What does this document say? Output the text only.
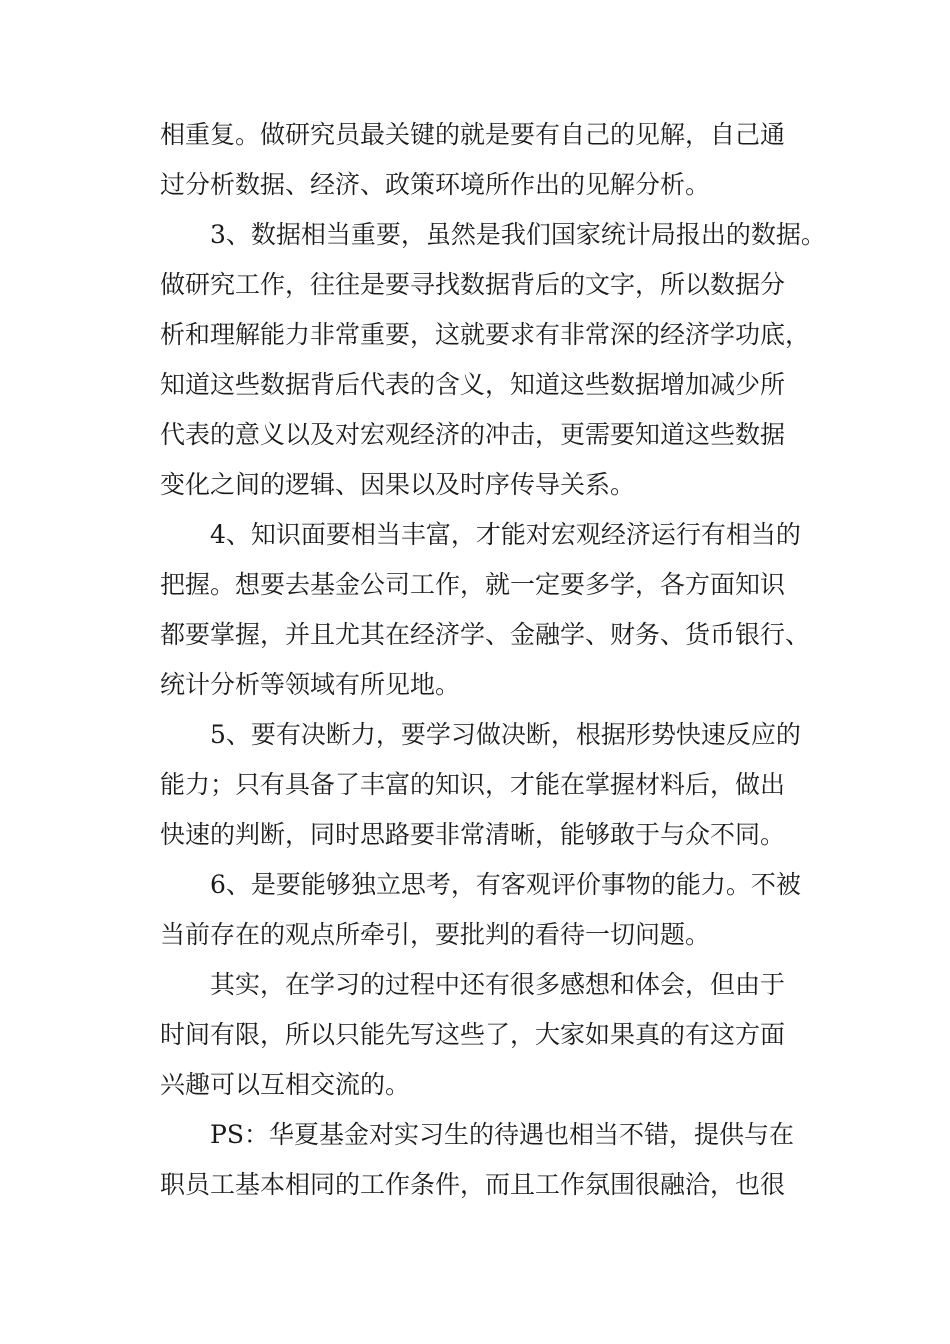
相重复。做研究员最关键的就是要有自己的见解，自己通

过分析数据、经济、政策环境所作出的见解分析。

3、数据相当重要，虽然是我们国家统计局报出的数据。

做研究工作，往往是要寻找数据背后的文字，所以数据分

析和理解能力非常重要，这就要求有非常深的经济学功底，

知道这些数据背后代表的含义，知道这些数据增加减少所

代表的意义以及对宏观经济的冲击，更需要知道这些数据

变化之间的逻辑、因果以及时序传导关系。

4、知识面要相当丰富，才能对宏观经济运行有相当的

把握。想要去基金公司工作，就一定要多学，各方面知识

都要掌握，并且尤其在经济学、金融学、财务、货币银行、

统计分析等领域有所见地。

5、要有决断力，要学习做决断，根据形势快速反应的

能力；只有具备了丰富的知识，才能在掌握材料后，做出

快速的判断，同时思路要非常清晰，能够敢于与众不同。

6、是要能够独立思考，有客观评价事物的能力。不被

当前存在的观点所牵引，要批判的看待一切问题。

其实，在学习的过程中还有很多感想和体会，但由于

时间有限，所以只能先写这些了，大家如果真的有这方面

兴趣可以互相交流的。

PS：华夏基金对实习生的待遇也相当不错，提供与在

职员工基本相同的工作条件，而且工作氛围很融洽，也很
